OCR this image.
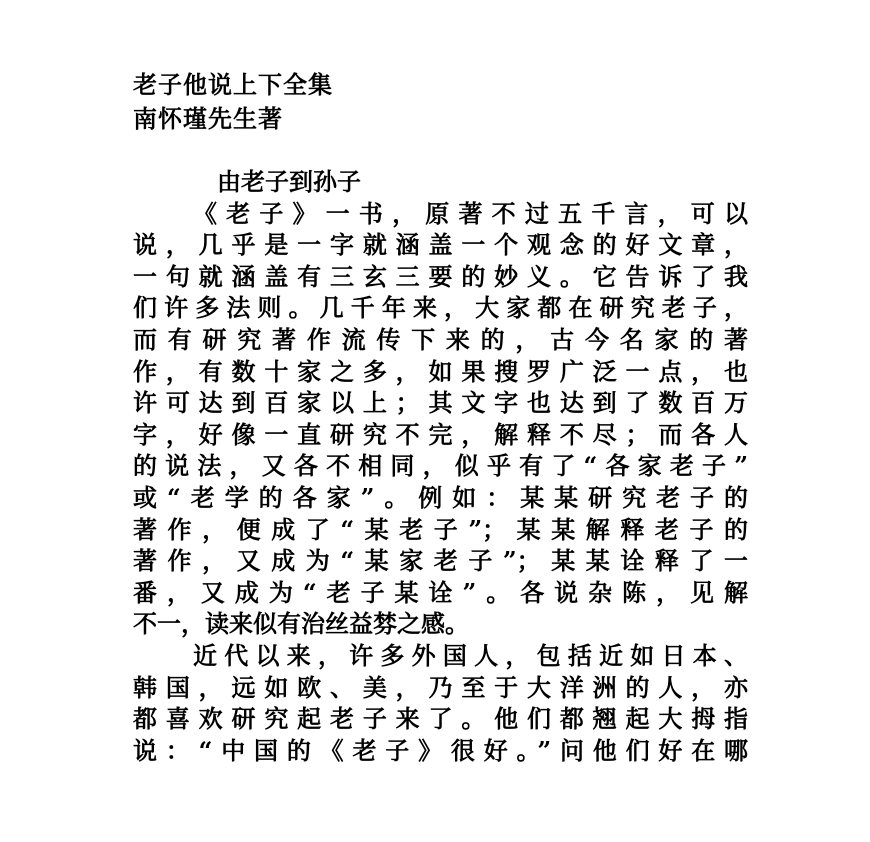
老子他说上下全集
南怀瑾先生著
由老子到孙子
《老子》一书，原著不过五千言，可以
说，几乎是一字就涵盖一个观念的好文章，
一句就涵盖有三玄三要的妙义。它告诉了我
们许多法则。几千年来，大家都在研究老子，
而有研究著作流传下来的，古今名家的著
作，有数十家之多，如果搜罗广泛一点，也
许可达到百家以上；其文字也达到了数百万
字，好像一直研究不完，解释不尽；而各人
的说法，又各不相同，似乎有了“各家老子”
或“老学的各家”。例如：某某研究老子的
著作，便成了“某老子”；某某解释老子的
著作，又成为“某家老子”；某某诠释了一
番，又成为“老子某诠”。各说杂陈，见解
不一，读来似有治丝益棼之感。
近代以来，许多外国人，包括近如日本、
韩国，远如欧、美，乃至于大洋洲的人，亦
都喜欢研究起老子来了。他们都翘起大拇指
说：“中国的《老子》很好。”问他们好在哪
